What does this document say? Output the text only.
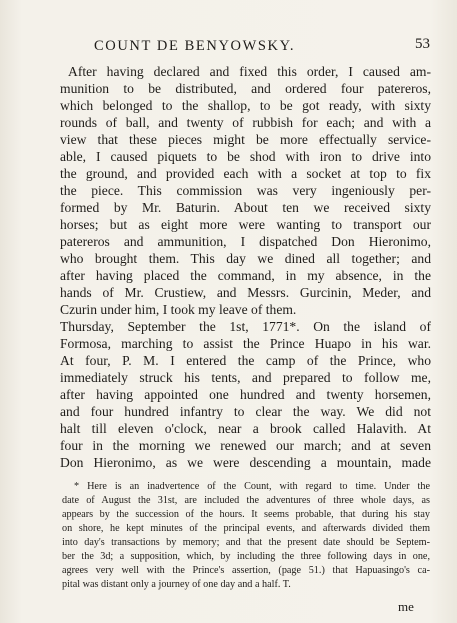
COUNT DE BENYOWSKY.	53
After having declared and fixed this order, I caused am-
munition to be distributed, and ordered four patereros,
which belonged to the shallop, to be got ready, with sixty
rounds of ball, and twenty of rubbish for each; and with a
view that these pieces might be more effectually service-
able, I caused piquets to be shod with iron to drive into
the ground, and provided each with a socket at top to fix
the piece. This commission was very ingeniously per-
formed by Mr. Baturin. About ten we received sixty
horses; but as eight more were wanting to transport our
patereros and ammunition, I dispatched Don Hieronimo,
who brought them. This day we dined all together; and
after having placed the command, in my absence, in the
hands of Mr. Crustiew, and Messrs. Gurcinin, Meder, and
Czurin under him, I took my leave of them.
Thursday, September the 1st, 1771*. On the island of
Formosa, marching to assist the Prince Huapo in his war.
At four, P. M. I entered the camp of the Prince, who
immediately struck his tents, and prepared to follow me,
after having appointed one hundred and twenty horsemen,
and four hundred infantry to clear the way. We did not
halt till eleven o'clock, near a brook called Halavith. At
four in the morning we renewed our march; and at seven
Don Hieronimo, as we were descending a mountain, made
* Here is an inadvertence of the Count, with regard to time. Under the
date of August the 31st, are included the adventures of three whole days, as
appears by the succession of the hours. It seems probable, that during his stay
on shore, he kept minutes of the principal events, and afterwards divided them
into day's transactions by memory; and that the present date should be Septem-
ber the 3d; a supposition, which, by including the three following days in one,
agrees very well with the Prince's assertion, (page 51.) that Hapuasingo's ca-
pital was distant only a journey of one day and a half. T.
me
